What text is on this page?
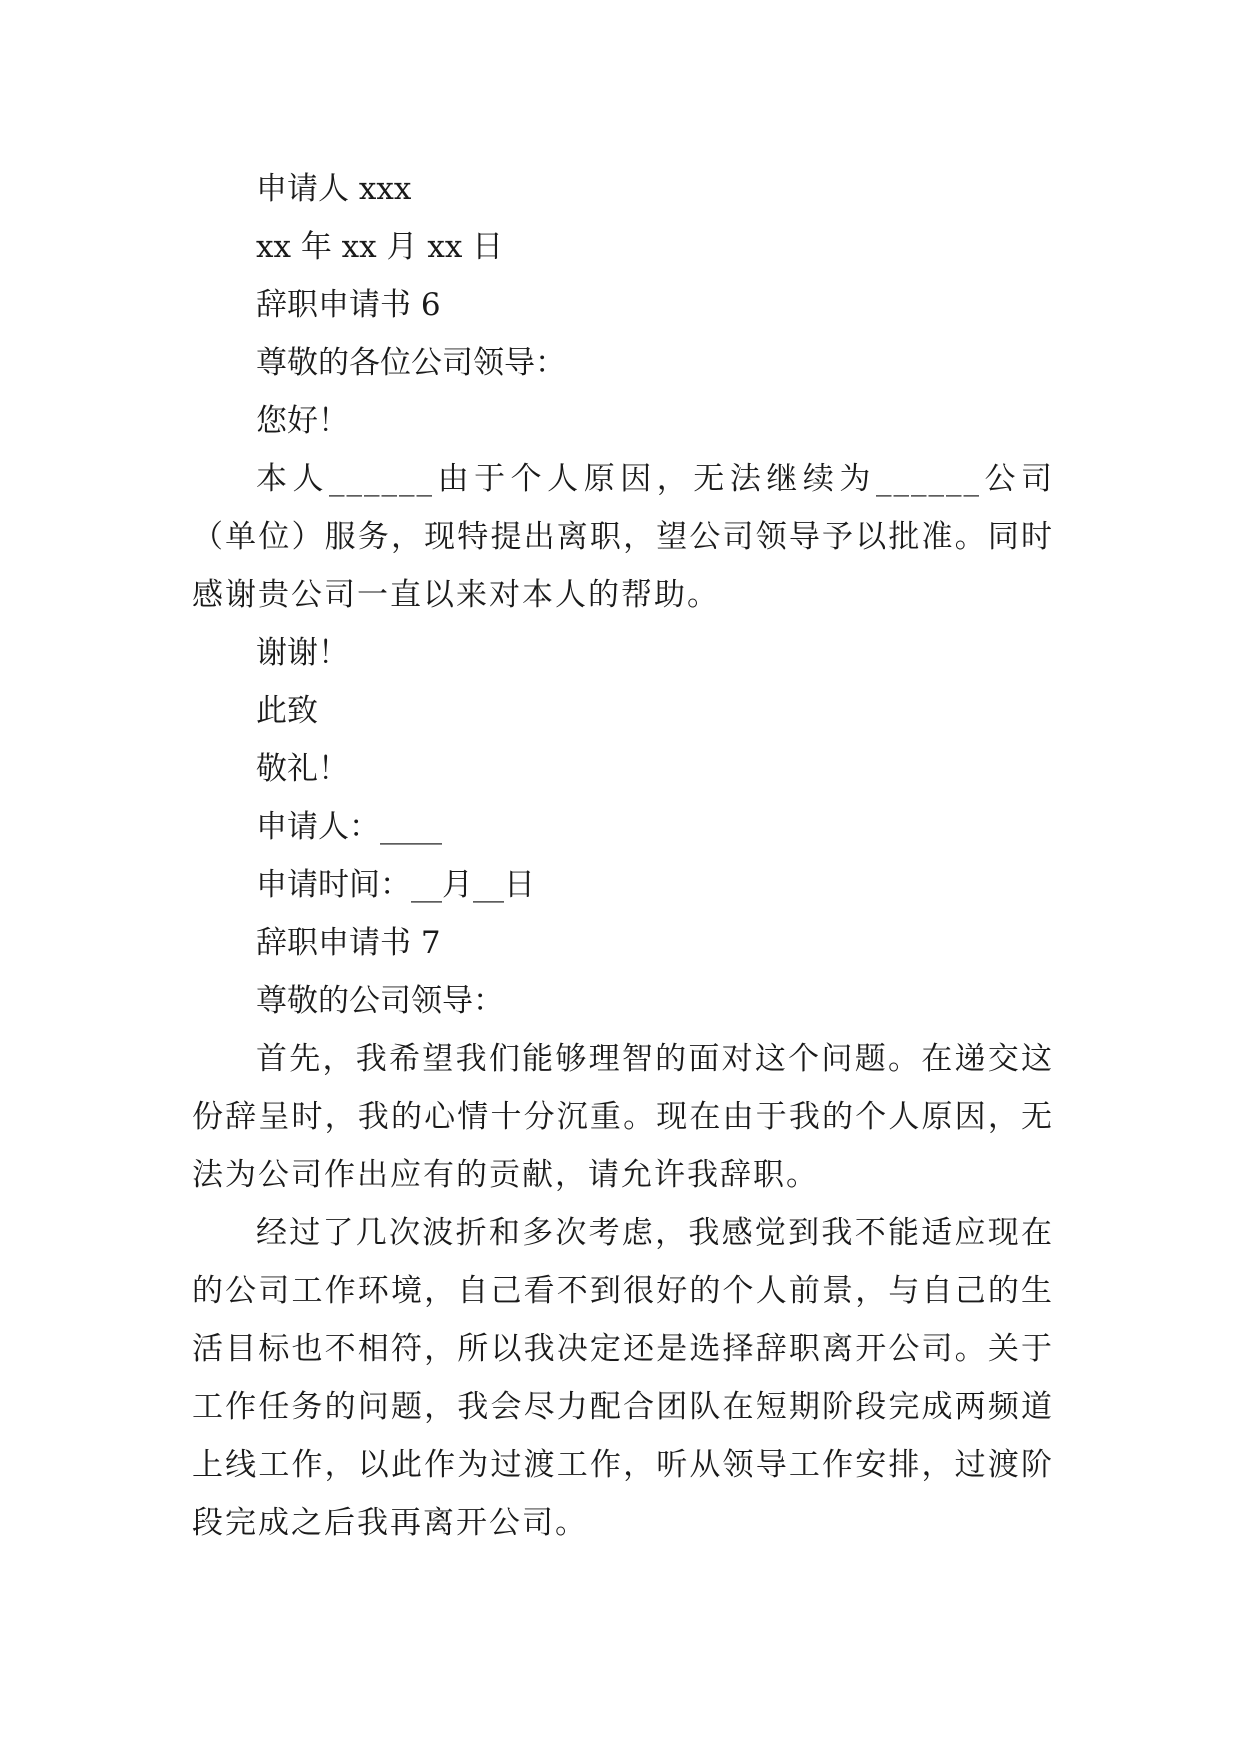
申请人 xxx
xx 年 xx 月 xx 日
辞职申请书 6
尊敬的各位公司领导：
您好！
本人______由于个人原因，无法继续为______公司（单位）服务，现特提出离职，望公司领导予以批准。同时感谢贵公司一直以来对本人的帮助。
谢谢！
此致
敬礼！
申请人：____
申请时间：__月__日
辞职申请书 7
尊敬的公司领导：
首先，我希望我们能够理智的面对这个问题。在递交这份辞呈时，我的心情十分沉重。现在由于我的个人原因，无法为公司作出应有的贡献，请允许我辞职。
经过了几次波折和多次考虑，我感觉到我不能适应现在的公司工作环境，自己看不到很好的个人前景，与自己的生活目标也不相符，所以我决定还是选择辞职离开公司。关于工作任务的问题，我会尽力配合团队在短期阶段完成两频道上线工作，以此作为过渡工作，听从领导工作安排，过渡阶段完成之后我再离开公司。
